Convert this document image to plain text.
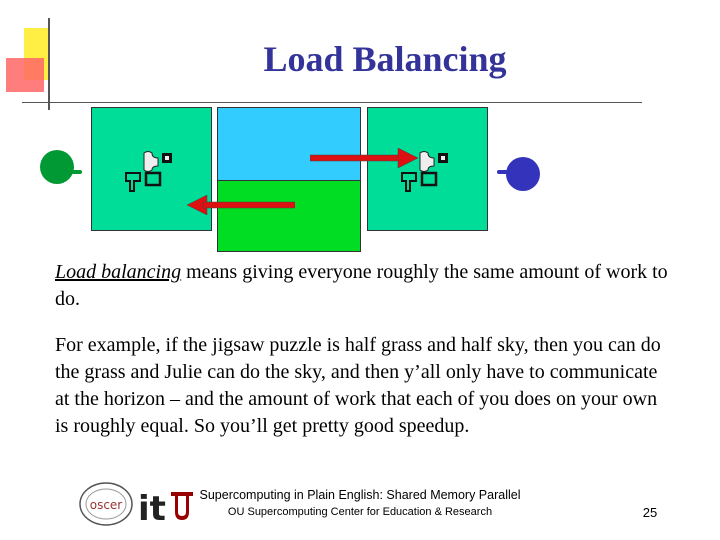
Load Balancing

Load balancing means giving everyone roughly the same amount of work to do.

For example, if the jigsaw puzzle is half grass and half sky, then you can do the grass and Julie can do the sky, and then y’all only have to communicate at the horizon – and the amount of work that each of you does on your own is roughly equal. So you’ll get pretty good speedup.

oscer it	Supercomputing in Plain English: Shared Memory Parallel
OU Supercomputing Center for Education & Research	25
